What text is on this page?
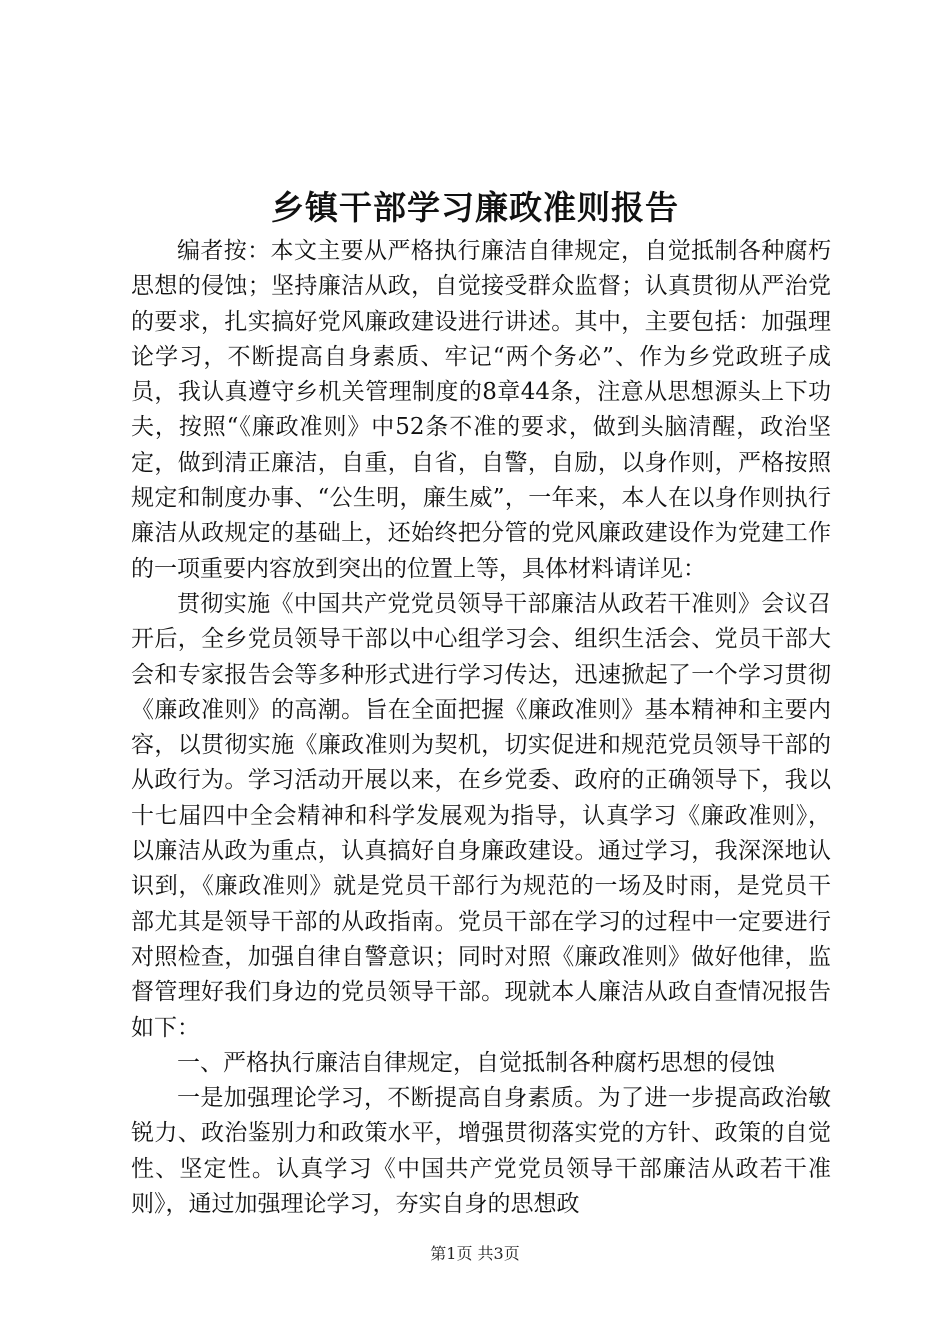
乡镇干部学习廉政准则报告

编者按：本文主要从严格执行廉洁自律规定，自觉抵制各种腐朽思想的侵蚀；坚持廉洁从政，自觉接受群众监督；认真贯彻从严治党的要求，扎实搞好党风廉政建设进行讲述。其中，主要包括：加强理论学习，不断提高自身素质、牢记“两个务必”、作为乡党政班子成员，我认真遵守乡机关管理制度的8章44条，注意从思想源头上下功夫，按照“《廉政准则》中52条不准的要求，做到头脑清醒，政治坚定，做到清正廉洁，自重，自省，自警，自励，以身作则，严格按照规定和制度办事、“公生明，廉生威”，一年来，本人在以身作则执行廉洁从政规定的基础上，还始终把分管的党风廉政建设作为党建工作的一项重要内容放到突出的位置上等，具体材料请详见：

贯彻实施《中国共产党党员领导干部廉洁从政若干准则》会议召开后，全乡党员领导干部以中心组学习会、组织生活会、党员干部大会和专家报告会等多种形式进行学习传达，迅速掀起了一个学习贯彻《廉政准则》的高潮。旨在全面把握《廉政准则》基本精神和主要内容，以贯彻实施《廉政准则为契机，切实促进和规范党员领导干部的从政行为。学习活动开展以来，在乡党委、政府的正确领导下，我以十七届四中全会精神和科学发展观为指导，认真学习《廉政准则》，以廉洁从政为重点，认真搞好自身廉政建设。通过学习，我深深地认识到，《廉政准则》就是党员干部行为规范的一场及时雨，是党员干部尤其是领导干部的从政指南。党员干部在学习的过程中一定要进行对照检查，加强自律自警意识；同时对照《廉政准则》做好他律，监督管理好我们身边的党员领导干部。现就本人廉洁从政自查情况报告如下：

一、严格执行廉洁自律规定，自觉抵制各种腐朽思想的侵蚀

一是加强理论学习，不断提高自身素质。为了进一步提高政治敏锐力、政治鉴别力和政策水平，增强贯彻落实党的方针、政策的自觉性、坚定性。认真学习《中国共产党党员领导干部廉洁从政若干准则》，通过加强理论学习，夯实自身的思想政

第1页 共3页
